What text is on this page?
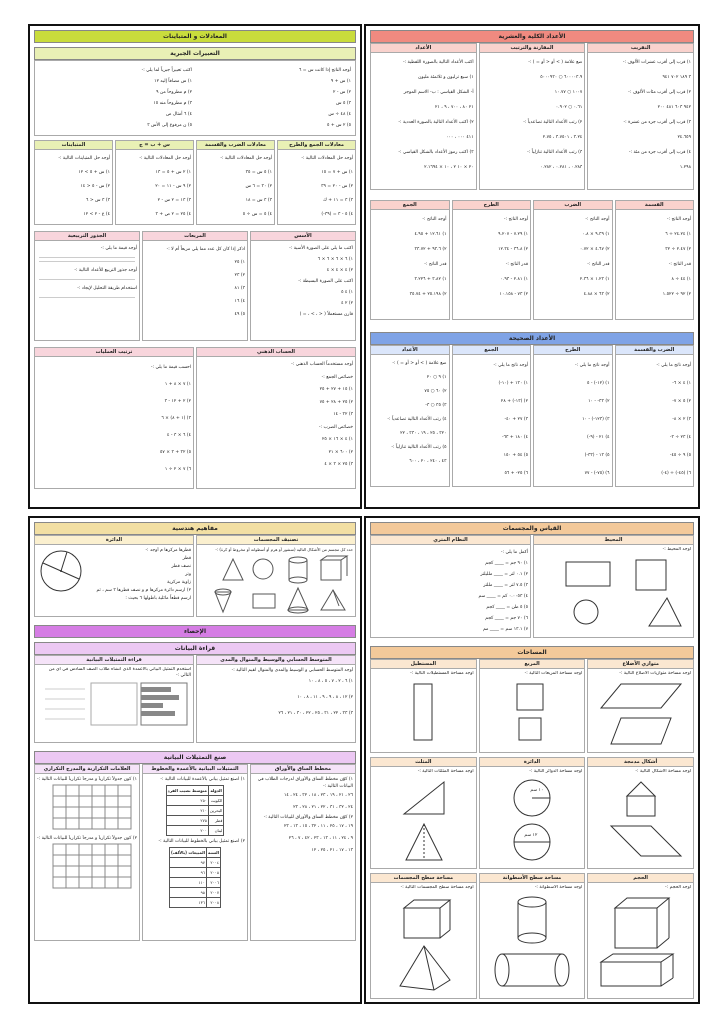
المعادلات و المتباينات
التعبيرات الجبرية
أوجد الناتج إذا كانت س = ٦
١) س + ٩
٢) س - ٢
٣) ٥ س
٤) ٤٨ ÷ س
٥) ٢ س + ٥
اكتب تعبيراً جبرياً لما يلي :-
١) س مضافاً إليه ١٢
٢) م مطروحاً من ٩
٣) م مطروحاً منه ١٥
٤) ٦ أمثال ص
٥) ن مرفوع إلى الأس ٣
معادلات الجمع والطرح
أوجد حل المعادلات التالية :-
١) س + ٧ = ١٥
٢) س - ٢٠ = ٣٩
٣) ٣ = ١١ + ك
٤) ٥ - ٣ = (٣٩-)
معادلات الضرب والقسمة
أوجد حل المعادلات التالية :-
١) ٥ س = ٣٥
٢) ٣٠ = ٦ س
٣) ٣ س = ١٨
٤) ٥ = س ÷ ٥
س + ب = ج
أوجد حل المعادلات التالية :-
١) ٢ س + ٥ = ١٣
٢) ٩ س - ١١ = ٢٠
٣) ١٣ = ٢ س - ٢
٤) ٢٥ = ٢ ص + ٣
المتباينات
أوجد حل المتباينات التالية :-
١) س + ٥ > ١٢
٢) س - ٥ < ١٤
٣) ٣ س < ٦
٤) ع - ٢ > ١٢
الأسس
اكتب ما يلي على الصورة الأسية :-
١) ٦ × ٦ × ٦ × ٦
٢) ٤ × ٤ × ٤
اكتب على الصورة البسيطة :-
١) ٤ ٥
٢) ٢ ٤
قارن مستعملاً ( < ، > ، = )
المربعات
اذكر إذا كان كل عدد مما يلي مربعاً أم لا :-
١) ٢٥
٢) ٢٣
٣) ٨١
٤) ١٦
٥) ٤٩
الجذور التربيعية
أوجد قيمة ما يلي :-
أوجد جذور التربيع للأعداد التالية :-
استخدام طريقة التحليل لإيجاد :-
الحساب الذهني
أوجد مستخدماً الحساب الذهني :-
خصائص الجمع :-
١) ١٥ + ٢٧ + ٢٥
٢) ٢٥ + ٢٨ + ٧٥
٣) ٣٢ - ١٤
خصائص الضرب :-
١) ٤ × ١٦ × ٢٥
٢) ٦٠٠ × ٢١
٣) ٢٥ × ٣ × ٤
ترتيب العمليات
احسب قيمة ما يلي :-
١) ٧ × ٨ + ١
٢) ٢ + ١٢ - ٣
٣) (١ + ٨) × ٦
٤) ٦ × ٣ - ٤
٥) ٣٢ + ٣ × ٥٧
٦) ٧ × ٢ ÷ ١
الأعداد الكلية والعشرية
التقريب
١) قرب إلى أقرب عشرات الألوف :-
٣ ١٨٩ ٧٠٢ ٩٤١
٢) قرب إلى أقرب مئات الألوف :-
٩٤٢ ٦٠٣ ٤٨١ ٢٠٠
٣) قرب إلى أقرب جزء من عشرة :-
٢٤.٦٥٩
٤) قرب إلى أقرب جزء من مئة :-
١.٢٩٨
المقارنة والترتيب
ضع علامة ( > أو < أو = ) :-
٦٠٠٠٠٣.٩ ○ ٥٠٠٠٩٣٠
١٠٠٧ ○ ١٠.٧٧
٠.٦١ ○ ٠.٩٠٢
٢) رتب الأعداد التالية تصاعدياً :-
٣.٢٤ ، ٣.٧٥٠١ ، ٢.٧٥
٣) رتب الأعداد التالية تنازلياً :-
٠.٢٨٣ ، ٠.٢٨١ ، ٠.٢٨٢
الأعداد
اكتب الأعداد التالية بالصورة اللفظية :-
١) سبع ترليون و ثلاثمئة مليون
أ- الشكل القياسي : ب- الاسم الموجز
٢١ ٨٠ ، ٧٠٠ ، ٩ ، ٢١
٢) اكتب الأعداد التالية بالصورة العددية :-
٤١١ ٠٠٠ ، ٠٠٠
٣) اكتب رموز الأعداد بالشكل القياسي :-
٢٠ × ١٠ ٢ ، ١٠ × ٢.١٦٩٤
القسمة
أوجد الناتج :-
١) ٢٤.٢٤ ÷ ٦
٢) ٢.٤٧ ÷ ٣٢
قدر الناتج :-
١) ٤٤ ÷ ٨
٢) ٩٢ ÷ ١.٥٢٢
الضرب
أوجد الناتج :-
١) ٩.٣٩ × ٠.٨
٢) ٤.٦٧ × ٠.٧٢
قدر الناتج :-
١) ١.٢٣ × ٢.٣٦
٢) ٦٣ × ٤.٨٨
الطرح
أوجد الناتج :-
١) ٧.٢٩ - ٩.٢٠٧
٢) ٣٦.٨ - ١٢.٣٤
قدر الناتج :-
١) ٢.٨١ - ٠.٩٣
٢) ٧٣ - ١٠.١٥٨
الجمع
أوجد الناتج :-
١) ١٢.٦١ + ٤.٩٥
٢) ٩٣.٦ + ٣٣.٧٢
قدر الناتج :-
١) ٣.٨٢ + ٣.٢٢٦
٢) ٢٥.١٩٨ + ٣٥.٧٤
الأعداد الصحيحة
الضرب والقسمة
أوجد ناتج ما يلي :-
١) ٤ × ٦-
٢) ٥ × ٧-
٣) ٢ × ٨-
٤) ٢٣ ÷ ٣-
٥) ٩ ÷ ٤٥-
٦) (٤٥-) ÷ (٤-)
الطرح
أوجد ناتج ما يلي :-
١) (١٢-) - ٥
٢) ٣٣- - ١٠
٣) (١٢٣-) - ١٠
٤) ٢١ - (٩-)
٥) ١٣ - (٣٣-)
٦) (٧٥-) - ٧٧
الجمع
أوجد ناتج ما يلي :-
١) ١٣٠ + (١٠-)
٢) (١٣-) + ٢٨
٣) ٢٧ + ٤٠-
٤) ١٨٠ + ٦٣-
٥) ٥٤ + ١٥٠
٦) ٢٥- + ٥٦
الأعداد
ضع علامة ( > أو < أو = ) :-
١) ٩ ○ ٢٠
٢) ٦٠ ○ ٧٥
٣) ٣٥ ○ ٣-
٤) رتب الأعداد التالية تصاعدياً :-
٣٢٠ ، ٢٥ ، ١٩ ، ٣٣٠ ، ٢٢
٥) رتب الأعداد التالية تنازلياً :-
٤٣ ، ٢٤٠ ، ٢٠ ، ٦٠٠
مفاهيم هندسية
تصنيف المجسمات
حدد كل مجسم من الأشكال التالية (منشور أو هرم أو أسطوانة أو مخروط أو كرة) :-
الدائرة
قطرها مركزها م أوجد :-
قطر
نصف قطر
وتر
زاوية مركزية
٢) ارسم دائرة مركزها م و نصف قطرها ٣ سم ، ثم ارسم قطعاً مائلية باطولها ٦ بحيث :
الإحصاء
قراءة البيانات
المتوسط الحسابي والوسيط والمنوال والمدى
أوجد المتوسط الحسابي و الوسيط والمدى والمنوال لقيم التالية :-
١) ٦ ، ٢ ، ٧ ، ٥ ، ٨ ، ١٠
٢) ١٢ ، ٨ ، ٩ ، ٩ ، ١١ ، ٨ ، ١٠
٣) ٣٣ ، ٢٢ ، ٣١ ، ٢٥ ، ٢٢ ، ٣٠ ، ٢١ ، ٢٦
قراءة التمثيلات البيانية
استخدم التمثيل البياني بالأعمدة الذي أنشأه طلاب الصف السادس في أي من التالي :-
صنع التمثيلات البيانية
مخطط الساق والأوراق
١) كوّن مخطط الساق والأوراق لدرجات الطلاب في البيانات التالية :-
٢٦ ، ٢١ ، ١٩ ، ٢٣ ، ١٨ ، ٣٢ ، ٢٤ ، ١٤
٢٤ ، ٣٢ ، ٣١ ، ٢٢ ، ٢١ ، ٢٨ ، ٢٣
٢) كوّن مخطط الساق والأوراق للبيانات التالية :-
١٩ ، ١٧ ، ٢٥ ، ١١ ، ٣٢ ، ١٥ ، ١٣ ، ٢٣
٩ ، ٢٤ ، ١١ ، ١٣ ، ٢٣ ، ٤٢ ، ٧ ، ٢٦
١٣ ، ١٧ ، ٢١ ، ٢٥ ، ١٢
التمثيلات البيانية بالأعمدة والخطوط
١) اصنع تمثيل بياني بالأعمدة للبيانات التالية :-
الدولة	متوسط نصيب الفرد
الكويت	٢٥٠
البحرين	٢١٠
قطر	٢٧٥
لبنان	٢٠٠
٢) اصنع تمثيل بياني بالخطوط للبيانات التالية :-
السنة	المبيعات (بالألف)
٢٠٠٤	٩٧
٢٠٠٥	٩٦
٢٠٠٦	١١٠
٢٠٠٧	٩٥
٢٠٠٨	١٣٦
العلامات التكرارية والمدرج التكراري
١) كون جدولاً تكرارياً و مدرجاً تكرارياً للبيانات التالية :-
٢) كون جدولاً تكرارياً و مدرجاً تكرارياً للبيانات التالية :-
القياس والمجسمات
المحيط
أوجد المحيط :-
النظام المتري
أكمل ما يلي :-
١) ٩٠ جم = ____ كجم
٢) ٠.١ لتر = ____ ملليلتر
٣) ٧.٥ لتر = ____ مللتر
٤) ٠.٠٠٥٣ كم = ____ سم
٥) ٥ طن = ____ كجم
٦) ٧٠ جم = ____ كجم
٧) ١٣.١ سم = ____ مم
المساحات
متوازي الأضلاع
أوجد مساحة متوازيات الأضلاع التالية :-
المربع
أوجد مساحة المربعات التالية :-
المستطيل
أوجد مساحة المستطيلات التالية :-
أشكال مدمجة
أوجد مساحة الأشكال التالية :-
الدائرة
أوجد مساحة الدوائر التالية :-
١٠ سم
١٢ سم
المثلث
أوجد مساحة المثلثات التالية :-
الحجم
أوجد الحجم :-
مساحة سطح الأسطوانة
أوجد مساحة الأسطوانة :-
مساحة سطح المجسمات
أوجد مساحة سطح المجسمات التالية :-
